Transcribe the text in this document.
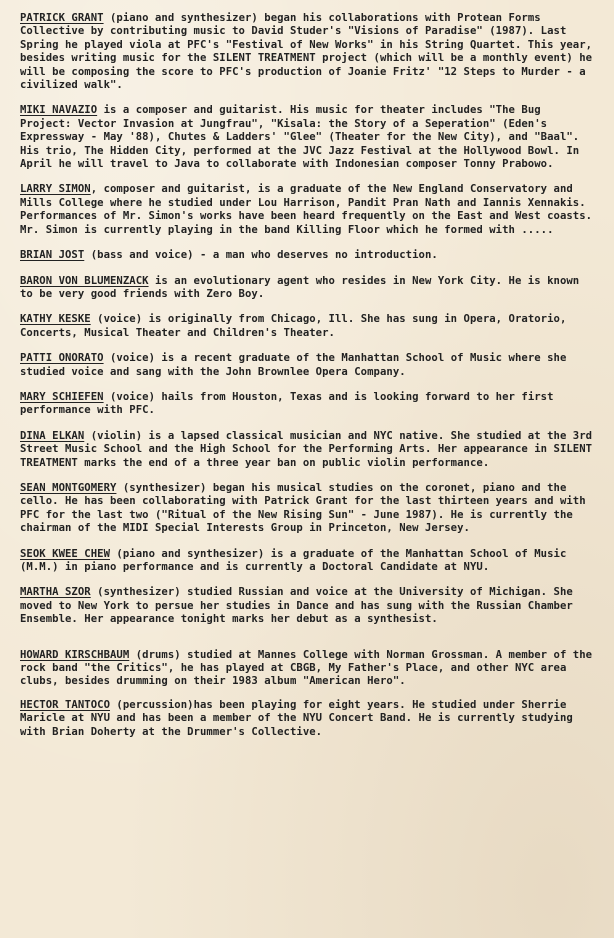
PATRICK GRANT (piano and synthesizer) began his collaborations with Protean Forms Collective by contributing music to David Studer's "Visions of Paradise" (1987). Last Spring he played viola at PFC's "Festival of New Works" in his String Quartet. This year, besides writing music for the SILENT TREATMENT project (which will be a monthly event) he will be composing the score to PFC's production of Joanie Fritz' "12 Steps to Murder - a civilized walk".

MIKI NAVAZIO is a composer and guitarist. His music for theater includes "The Bug Project: Vector Invasion at Jungfrau", "Kisala: the Story of a Seperation" (Eden's Expressway - May '88), Chutes & Ladders' "Glee" (Theater for the New City), and "Baal". His trio, The Hidden City, performed at the JVC Jazz Festival at the Hollywood Bowl. In April he will travel to Java to collaborate with Indonesian composer Tonny Prabowo.

LARRY SIMON, composer and guitarist, is a graduate of the New England Conservatory and Mills College where he studied under Lou Harrison, Pandit Pran Nath and Iannis Xennakis. Performances of Mr. Simon's works have been heard frequently on the East and West coasts. Mr. Simon is currently playing in the band Killing Floor which he formed with .....

BRIAN JOST (bass and voice) - a man who deserves no introduction.

BARON VON BLUMENZACK is an evolutionary agent who resides in New York City. He is known to be very good friends with Zero Boy.

KATHY KESKE (voice) is originally from Chicago, Ill. She has sung in Opera, Oratorio, Concerts, Musical Theater and Children's Theater.

PATTI ONORATO (voice) is a recent graduate of the Manhattan School of Music where she studied voice and sang with the John Brownlee Opera Company.

MARY SCHIEFEN (voice) hails from Houston, Texas and is looking forward to her first performance with PFC.

DINA ELKAN (violin) is a lapsed classical musician and NYC native. She studied at the 3rd Street Music School and the High School for the Performing Arts. Her appearance in SILENT TREATMENT marks the end of a three year ban on public violin performance.

SEAN MONTGOMERY (synthesizer) began his musical studies on the coronet, piano and the cello. He has been collaborating with Patrick Grant for the last thirteen years and with PFC for the last two ("Ritual of the New Rising Sun" - June 1987). He is currently the chairman of the MIDI Special Interests Group in Princeton, New Jersey.

SEOK KWEE CHEW (piano and synthesizer) is a graduate of the Manhattan School of Music (M.M.) in piano performance and is currently a Doctoral Candidate at NYU.

MARTHA SZOR (synthesizer) studied Russian and voice at the University of Michigan. She moved to New York to persue her studies in Dance and has sung with the Russian Chamber Ensemble. Her appearance tonight marks her debut as a synthesist.

HOWARD KIRSCHBAUM (drums) studied at Mannes College with Norman Grossman. A member of the rock band "the Critics", he has played at CBGB, My Father's Place, and other NYC area clubs, besides drumming on their 1983 album "American Hero".

HECTOR TANTOCO (percussion)has been playing for eight years. He studied under Sherrie Maricle at NYU and has been a member of the NYU Concert Band. He is currently studying with Brian Doherty at the Drummer's Collective.
